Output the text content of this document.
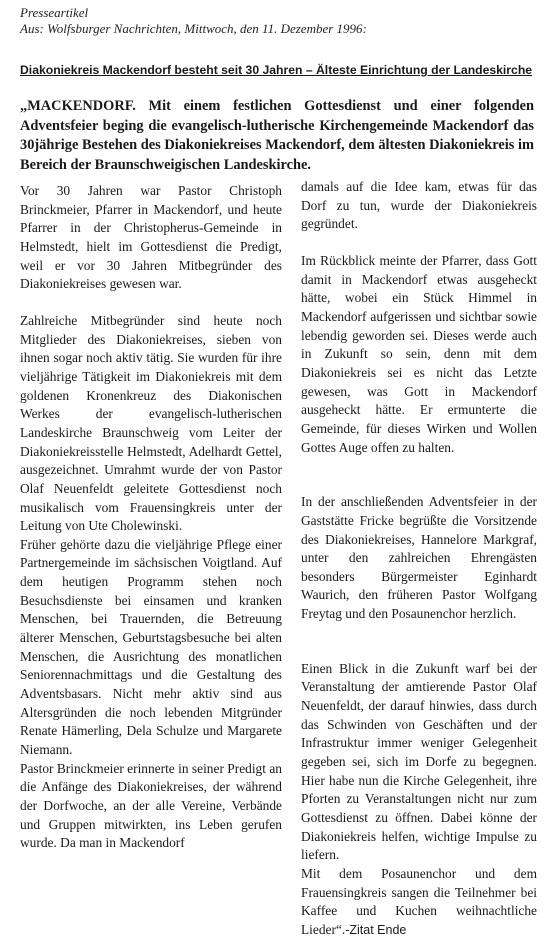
Presseartikel
Aus: Wolfsburger Nachrichten, Mittwoch, den 11. Dezember 1996:
Diakoniekreis Mackendorf besteht seit 30 Jahren – Älteste Einrichtung der Landeskirche

„MACKENDORF. Mit einem festlichen Gottesdienst und einer folgenden Adventsfeier beging die evangelisch-lutherische Kirchengemeinde Mackendorf das 30jährige Bestehen des Diakoniekreises Mackendorf, dem ältesten Diakoniekreis im Bereich der Braunschweigischen Landeskirche.

Vor 30 Jahren war Pastor Christoph Brinckmeier, Pfarrer in Mackendorf, und heute Pfarrer in der Christopherus-Gemeinde in Helmstedt, hielt im Gottesdienst die Predigt, weil er vor 30 Jahren Mitbegründer des Diakoniekreises gewesen war.

Zahlreiche Mitbegründer sind heute noch Mitglieder des Diakoniekreises, sieben von ihnen sogar noch aktiv tätig. Sie wurden für ihre vieljährige Tätigkeit im Diakoniekreis mit dem goldenen Kronenkreuz des Diakonischen Werkes der evangelisch-lutherischen Landeskirche Braunschweig vom Leiter der Diakoniekreisstelle Helmstedt, Adelhardt Gettel, ausgezeichnet. Umrahmt wurde der von Pastor Olaf Neuenfeldt geleitete Gottesdienst noch musikalisch vom Frauensingkreis unter der Leitung von Ute Cholewinski.

Früher gehörte dazu die vieljährige Pflege einer Partnergemeinde im sächsischen Voigtland. Auf dem heutigen Programm stehen noch Besuchsdienste bei einsamen und kranken Menschen, bei Trauernden, die Betreuung älterer Menschen, Geburtstagsbesuche bei alten Menschen, die Ausrichtung des monatlichen Seniorennachmittags und die Gestaltung des Adventsbasars. Nicht mehr aktiv sind aus Altersgründen die noch lebenden Mitgründer Renate Hämerling, Dela Schulze und Margarete Niemann.

Pastor Brinckmeier erinnerte in seiner Predigt an die Anfänge des Diakoniekreises, der während der Dorfwoche, an der alle Vereine, Verbände und Gruppen mitwirkten, ins Leben gerufen wurde. Da man in Mackendorf

damals auf die Idee kam, etwas für das Dorf zu tun, wurde der Diakoniekreis gegründet.

Im Rückblick meinte der Pfarrer, dass Gott damit in Mackendorf etwas ausgeheckt hätte, wobei ein Stück Himmel in Mackendorf aufgerissen und sichtbar sowie lebendig geworden sei. Dieses werde auch in Zukunft so sein, denn mit dem Diakoniekreis sei es nicht das Letzte gewesen, was Gott in Mackendorf ausgeheckt hätte. Er ermunterte die Gemeinde, für dieses Wirken und Wollen Gottes Auge offen zu halten.

In der anschließenden Adventsfeier in der Gaststätte Fricke begrüßte die Vorsitzende des Diakoniekreises, Hannelore Markgraf, unter den zahlreichen Ehrengästen besonders Bürgermeister Eginhardt Waurich, den früheren Pastor Wolfgang Freytag und den Posaunenchor herzlich.

Einen Blick in die Zukunft warf bei der Veranstaltung der amtierende Pastor Olaf Neuenfeldt, der darauf hinwies, dass durch das Schwinden von Geschäften und der Infrastruktur immer weniger Gelegenheit gegeben sei, sich im Dorfe zu begegnen. Hier habe nun die Kirche Gelegenheit, ihre Pforten zu Veranstaltungen nicht nur zum Gottesdienst zu öffnen. Dabei könne der Diakoniekreis helfen, wichtige Impulse zu liefern.

Mit dem Posaunenchor und dem Frauensingkreis sangen die Teilnehmer bei Kaffee und Kuchen weihnachtliche Lieder“.-Zitat Ende
